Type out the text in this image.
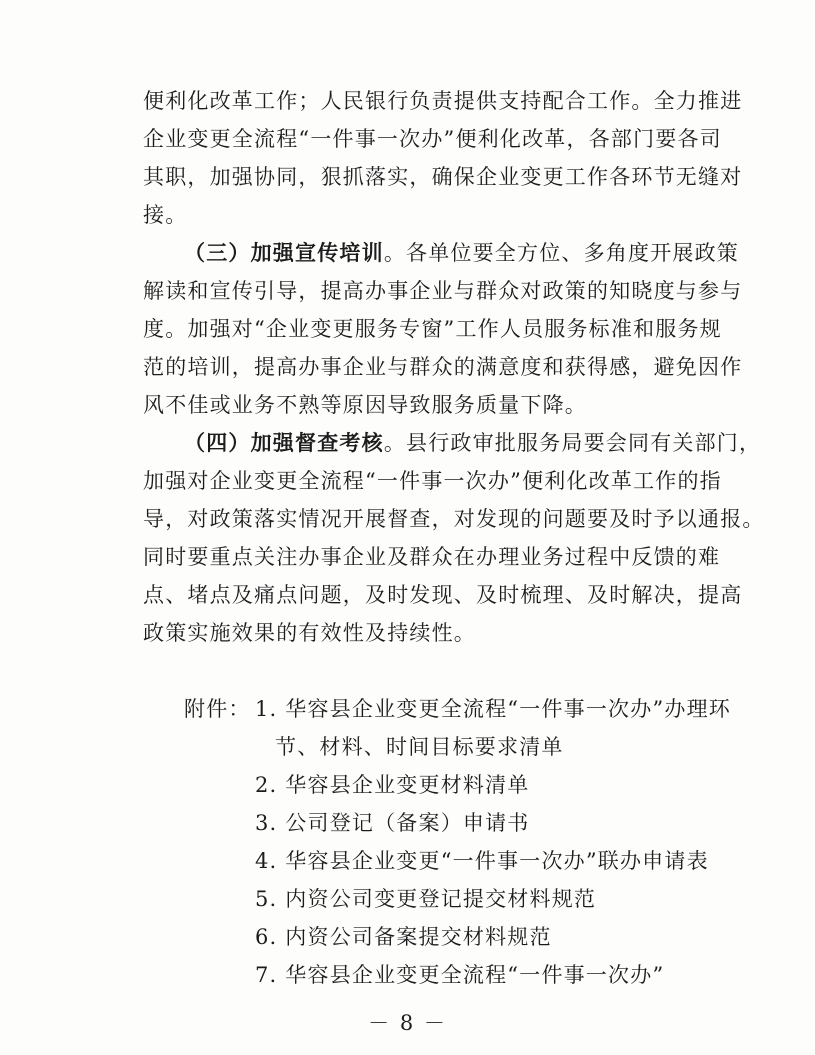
便利化改革工作；人民银行负责提供支持配合工作。全力推进
企业变更全流程“一件事一次办”便利化改革，各部门要各司
其职，加强协同，狠抓落实，确保企业变更工作各环节无缝对
接。
（三）加强宣传培训。各单位要全方位、多角度开展政策
解读和宣传引导，提高办事企业与群众对政策的知晓度与参与
度。加强对“企业变更服务专窗”工作人员服务标准和服务规
范的培训，提高办事企业与群众的满意度和获得感，避免因作
风不佳或业务不熟等原因导致服务质量下降。
（四）加强督查考核。县行政审批服务局要会同有关部门，
加强对企业变更全流程“一件事一次办”便利化改革工作的指
导，对政策落实情况开展督查，对发现的问题要及时予以通报。
同时要重点关注办事企业及群众在办理业务过程中反馈的难
点、堵点及痛点问题，及时发现、及时梳理、及时解决，提高
政策实施效果的有效性及持续性。
附件： 1. 华容县企业变更全流程“一件事一次办”办理环
节、材料、时间目标要求清单
2. 华容县企业变更材料清单
3. 公司登记（备案）申请书
4. 华容县企业变更“一件事一次办”联办申请表
5. 内资公司变更登记提交材料规范
6. 内资公司备案提交材料规范
7. 华容县企业变更全流程“一件事一次办”
－ 8 －
